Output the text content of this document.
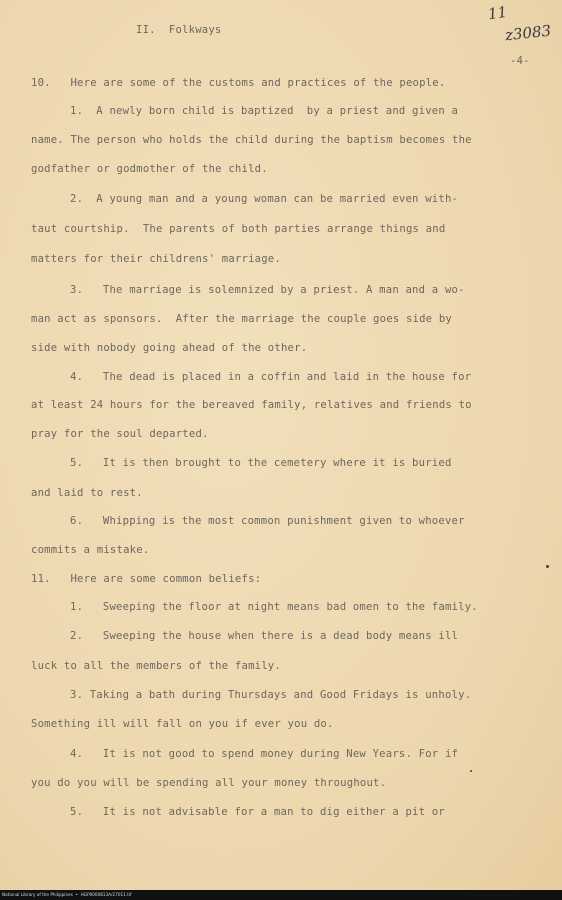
II.  Folkways
11
z3083
-4-
10.   Here are some of the customs and practices of the people.
1.  A newly born child is baptized  by a priest and given a
name. The person who holds the child during the baptism becomes the
godfather or godmother of the child.
2.  A young man and a young woman can be married even with-
taut courtship.  The parents of both parties arrange things and
matters for their childrens' marriage.
3.   The marriage is solemnized by a priest. A man and a wo-
man act as sponsors.  After the marriage the couple goes side by
side with nobody going ahead of the other.
4.   The dead is placed in a coffin and laid in the house for
at least 24 hours for the bereaved family, relatives and friends to
pray for the soul departed.
5.   It is then brought to the cemetery where it is buried
and laid to rest.
6.   Whipping is the most common punishment given to whoever
commits a mistake.
11.   Here are some common beliefs:
1.   Sweeping the floor at night means bad omen to the family.
2.   Sweeping the house when there is a dead body means ill
luck to all the members of the family.
3. Taking a bath during Thursdays and Good Fridays is unholy.
Something ill will fall on you if ever you do.
4.   It is not good to spend money during New Years. For if
you do you will be spending all your money throughout.
5.   It is not advisable for a man to dig either a pit or
National Library of the Philippines  •  HGP0000813A/27011.tif
